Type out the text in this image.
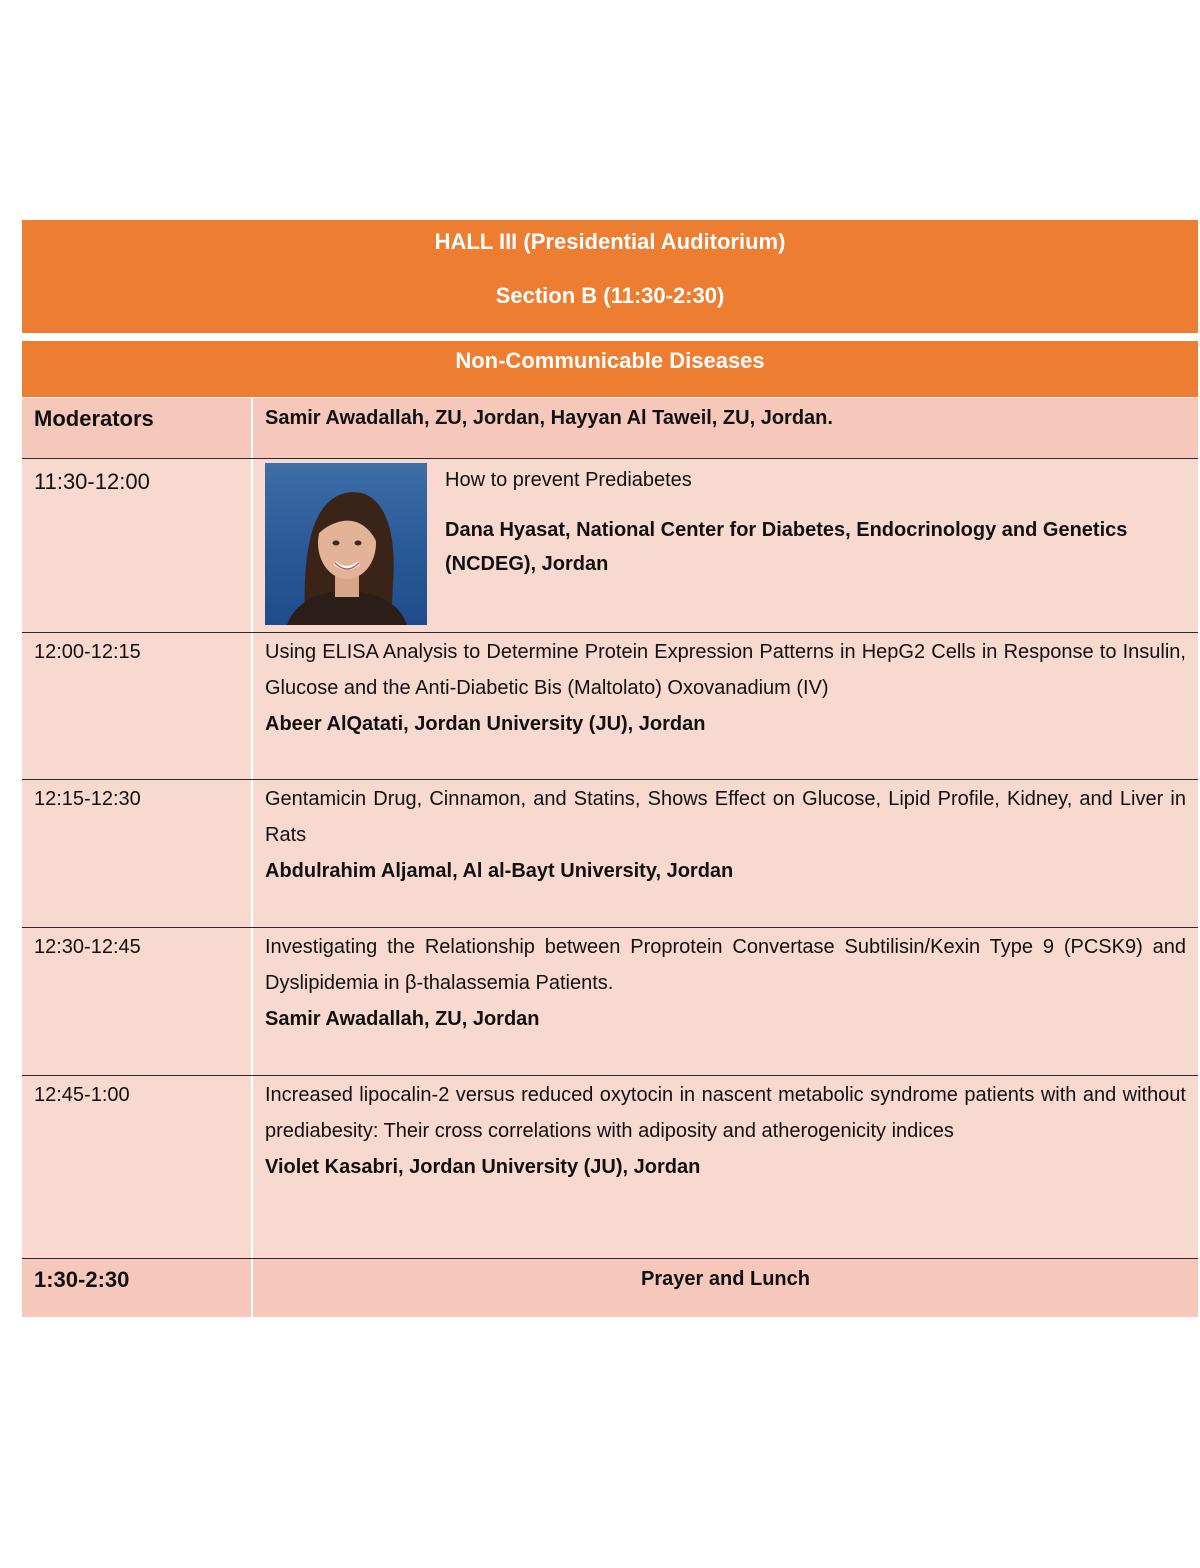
HALL III (Presidential Auditorium)
Section B (11:30-2:30)
Non-Communicable Diseases
Moderators	Samir Awadallah, ZU, Jordan, Hayyan Al Taweil, ZU, Jordan.
11:30-12:00	How to prevent Prediabetes
Dana Hyasat, National Center for Diabetes, Endocrinology and Genetics (NCDEG), Jordan
12:00-12:15	Using ELISA Analysis to Determine Protein Expression Patterns in HepG2 Cells in Response to Insulin, Glucose and the Anti-Diabetic Bis (Maltolato) Oxovanadium (IV)
Abeer AlQatati, Jordan University (JU), Jordan
12:15-12:30	Gentamicin Drug, Cinnamon, and Statins, Shows Effect on Glucose, Lipid Profile, Kidney, and Liver in Rats
Abdulrahim Aljamal, Al al-Bayt University, Jordan
12:30-12:45	Investigating the Relationship between Proprotein Convertase Subtilisin/Kexin Type 9 (PCSK9) and Dyslipidemia in β-thalassemia Patients.
Samir Awadallah, ZU, Jordan
12:45-1:00	Increased lipocalin-2 versus reduced oxytocin in nascent metabolic syndrome patients with and without prediabesity: Their cross correlations with adiposity and atherogenicity indices
Violet Kasabri, Jordan University (JU), Jordan
1:30-2:30	Prayer and Lunch
